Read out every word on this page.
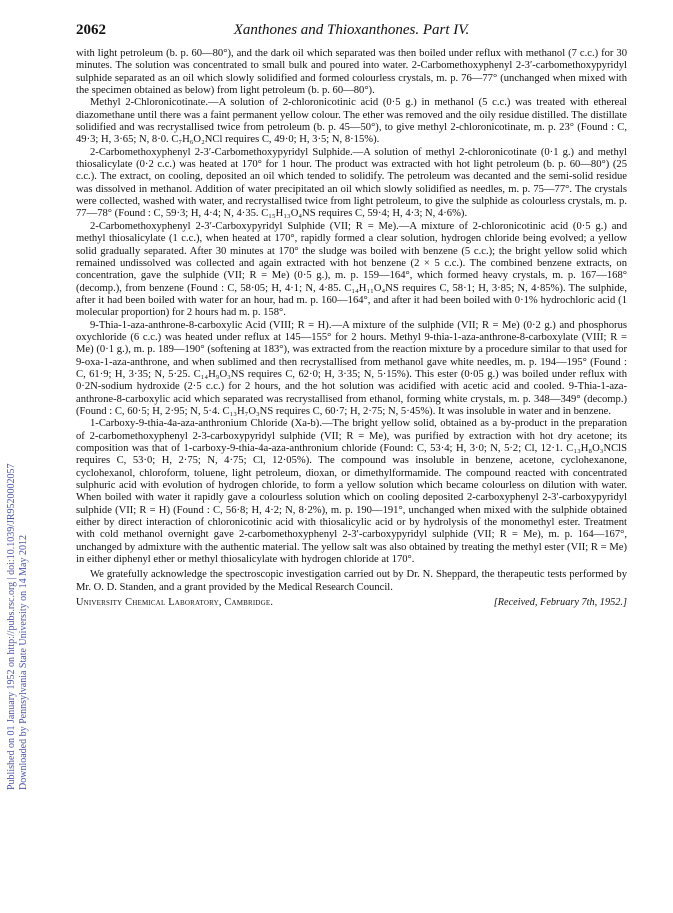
Downloaded by Pennsylvania State University on 14 May 2012
Published on 01 January 1952 on http://pubs.rsc.org | doi:10.1039/JR9520002057
2062	Xanthones and Thioxanthones. Part IV.

with light petroleum (b. p. 60—80°), and the dark oil which separated was then boiled under reflux with methanol (7 c.c.) for 30 minutes. The solution was concentrated to small bulk and poured into water. 2-Carbomethoxyphenyl 2-3′-carbomethoxypyridyl sulphide separated as an oil which slowly solidified and formed colourless crystals, m. p. 76—77° (unchanged when mixed with the specimen obtained as below) from light petroleum (b. p. 60—80°).

Methyl 2-Chloronicotinate.—A solution of 2-chloronicotinic acid (0·5 g.) in methanol (5 c.c.) was treated with ethereal diazomethane until there was a faint permanent yellow colour. The ether was removed and the oily residue distilled. The distillate solidified and was recrystallised twice from petroleum (b. p. 45—50°), to give methyl 2-chloronicotinate, m. p. 23° (Found : C, 49·3; H, 3·65; N, 8·0. C₇H₆O₂NCl requires C, 49·0; H, 3·5; N, 8·15%).

2-Carbomethoxyphenyl 2-3′-Carbomethoxypyridyl Sulphide.—A solution of methyl 2-chloronicotinate (0·1 g.) and methyl thiosalicylate (0·2 c.c.) was heated at 170° for 1 hour. The product was extracted with hot light petroleum (b. p. 60—80°) (25 c.c.). The extract, on cooling, deposited an oil which tended to solidify. The petroleum was decanted and the semi-solid residue was dissolved in methanol. Addition of water precipitated an oil which slowly solidified as needles, m. p. 75—77°. The crystals were collected, washed with water, and recrystallised twice from light petroleum, to give the sulphide as colourless crystals, m. p. 77—78° (Found : C, 59·3; H, 4·4; N, 4·35. C₁₅H₁₃O₄NS requires C, 59·4; H, 4·3; N, 4·6%).

2-Carbomethoxyphenyl 2-3′-Carboxypyridyl Sulphide (VII; R = Me).—A mixture of 2-chloronicotinic acid (0·5 g.) and methyl thiosalicylate (1 c.c.), when heated at 170°, rapidly formed a clear solution, hydrogen chloride being evolved; a yellow solid gradually separated. After 30 minutes at 170° the sludge was boiled with benzene (5 c.c.); the bright yellow solid which remained undissolved was collected and again extracted with hot benzene (2 × 5 c.c.). The combined benzene extracts, on concentration, gave the sulphide (VII; R = Me) (0·5 g.), m. p. 159—164°, which formed heavy crystals, m. p. 167—168° (decomp.), from benzene (Found : C, 58·05; H, 4·1; N, 4·85. C₁₄H₁₁O₄NS requires C, 58·1; H, 3·85; N, 4·85%). The sulphide, after it had been boiled with water for an hour, had m. p. 160—164°, and after it had been boiled with 0·1% hydrochloric acid (1 molecular proportion) for 2 hours had m. p. 158°.

9-Thia-1-aza-anthrone-8-carboxylic Acid (VIII; R = H).—A mixture of the sulphide (VII; R = Me) (0·2 g.) and phosphorus oxychloride (6 c.c.) was heated under reflux at 145—155° for 2 hours. Methyl 9-thia-1-aza-anthrone-8-carboxylate (VIII; R = Me) (0·1 g.), m. p. 189—190° (softening at 183°), was extracted from the reaction mixture by a procedure similar to that used for 9-oxa-1-aza-anthrone, and when sublimed and then recrystallised from methanol gave white needles, m. p. 194—195° (Found : C, 61·9; H, 3·35; N, 5·25. C₁₄H₉O₃NS requires C, 62·0; H, 3·35; N, 5·15%). This ester (0·05 g.) was boiled under reflux with 0·2N-sodium hydroxide (2·5 c.c.) for 2 hours, and the hot solution was acidified with acetic acid and cooled. 9-Thia-1-aza-anthrone-8-carboxylic acid which separated was recrystallised from ethanol, forming white crystals, m. p. 348—349° (decomp.) (Found : C, 60·5; H, 2·95; N, 5·4. C₁₃H₇O₃NS requires C, 60·7; H, 2·75; N, 5·45%). It was insoluble in water and in benzene.

1-Carboxy-9-thia-4a-aza-anthronium Chloride (Xa-b).—The bright yellow solid, obtained as a by-product in the preparation of 2-carbomethoxyphenyl 2-3-carboxypyridyl sulphide (VII; R = Me), was purified by extraction with hot dry acetone; its composition was that of 1-carboxy-9-thia-4a-aza-anthronium chloride (Found: C, 53·4; H, 3·0; N, 5·2; Cl, 12·1. C₁₃H₈O₃NClS requires C, 53·0; H, 2·75; N, 4·75; Cl, 12·05%). The compound was insoluble in benzene, acetone, cyclohexanone, cyclohexanol, chloroform, toluene, light petroleum, dioxan, or dimethylformamide. The compound reacted with concentrated sulphuric acid with evolution of hydrogen chloride, to form a yellow solution which became colourless on dilution with water. When boiled with water it rapidly gave a colourless solution which on cooling deposited 2-carboxyphenyl 2-3′-carboxypyridyl sulphide (VII; R = H) (Found : C, 56·8; H, 4·2; N, 8·2%), m. p. 190—191°, unchanged when mixed with the sulphide obtained either by direct interaction of chloronicotinic acid with thiosalicylic acid or by hydrolysis of the monomethyl ester. Treatment with cold methanol overnight gave 2-carbomethoxyphenyl 2-3′-carboxypyridyl sulphide (VII; R = Me), m. p. 164—167°, unchanged by admixture with the authentic material. The yellow salt was also obtained by treating the methyl ester (VII; R = Me) in either diphenyl ether or methyl thiosalicylate with hydrogen chloride at 170°.

We gratefully acknowledge the spectroscopic investigation carried out by Dr. N. Sheppard, the therapeutic tests performed by Mr. O. D. Standen, and a grant provided by the Medical Research Council.

University Chemical Laboratory, Cambridge.	[Received, February 7th, 1952.]
